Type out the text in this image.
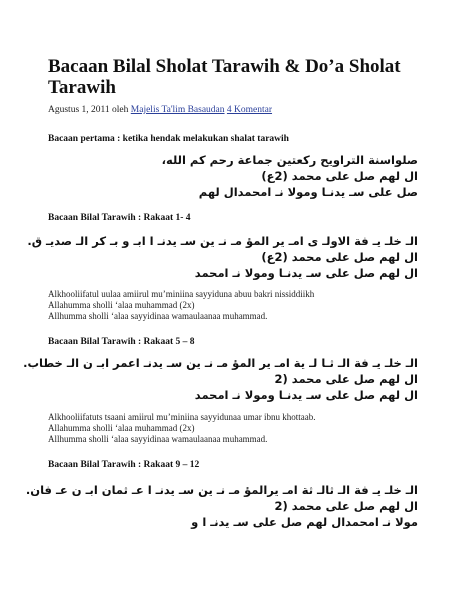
Bacaan Bilal Sholat Tarawih & Do’a Sholat Tarawih
Agustus 1, 2011 oleh Majelis Ta'lim Basaudan 4 Komentar
Bacaan pertama : ketika hendak melakukan shalat tarawih
صلواسنة التراويح ركعتين جماعة رحم كم الله،
ال لهم صل على محمد (2ع)
صل على سـ يدنـا ومولا نـ امحمدال لهم
Bacaan Bilal Tarawih : Rakaat 1- 4
الـ خلـ يـ فة الاولـ ى امـ ير المؤ مـ نـ ين سـ يدنـ ا ابـ و بـ كر الـ صديـ ق.
ال لهم صل على محمد (2ع)
ال لهم صل على سـ يدنـا ومولا نـ امحمد
Alkhooliifatul uulaa amiirul mu’miniina sayyiduna abuu bakri nissiddiikh
Allahumma sholli ‘alaa muhammad (2x)
Allhumma sholli ‘alaa sayyidinaa wamaulaanaa muhammad.
Bacaan Bilal Tarawih : Rakaat 5 – 8
الـ خلـ يـ فة الـ ثـا لـ ية امـ ير المؤ مـ نـ ين سـ يدنـ اعمر ابـ ن الـ خطاب.
ال لهم صل على محمد (2
ال لهم صل على سـ يدنـا ومولا نـ امحمد
Alkhooliifatuts tsaani amiirul mu’miniina sayyidunaa umar ibnu khottaab.
Allahumma sholli ‘alaa muhammad (2x)
Allhumma sholli ‘alaa sayyidinaa wamaulaanaa muhammad.
Bacaan Bilal Tarawih : Rakaat 9 – 12
الـ خلـ يـ فة الـ ثالـ ثة امـ يرالمؤ مـ نـ ين سـ يدنـ ا عـ ثمان ابـ ن عـ فان.
ال لهم صل على محمد (2
مولا نـ امحمدال لهم صل على سـ يدنـ ا و
